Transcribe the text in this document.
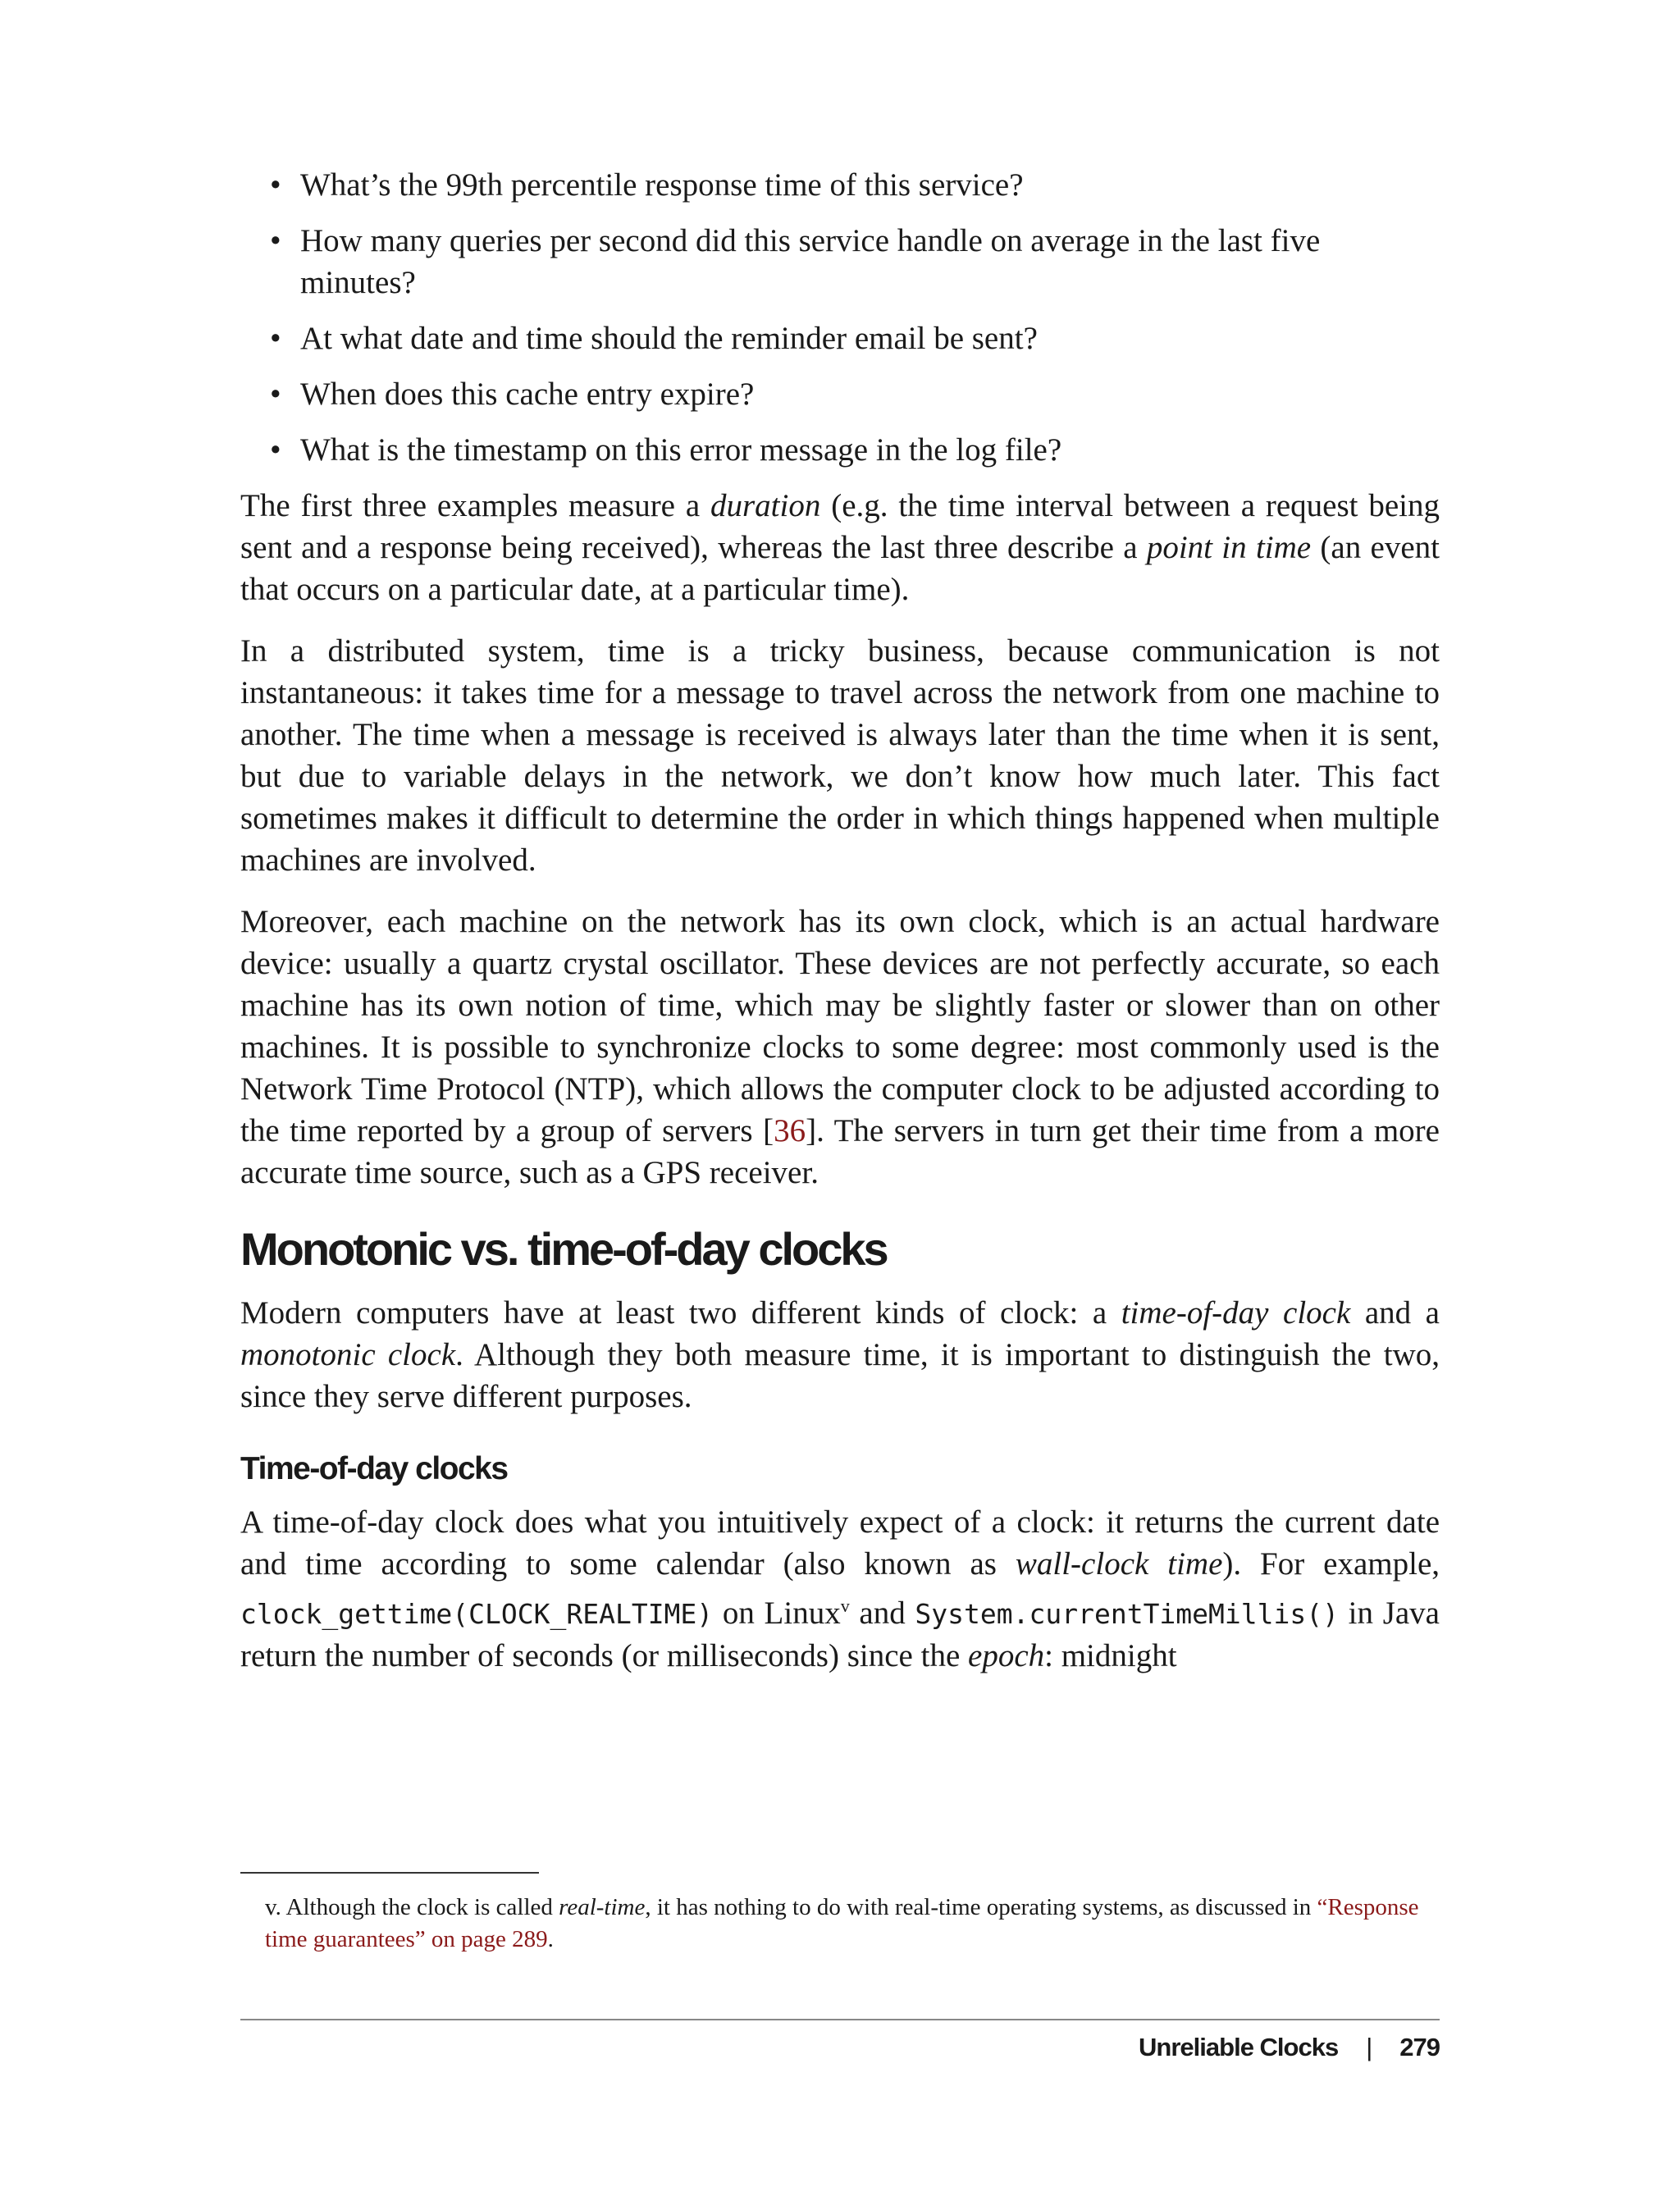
• What’s the 99th percentile response time of this service?
• How many queries per second did this service handle on average in the last five minutes?
• At what date and time should the reminder email be sent?
• When does this cache entry expire?
• What is the timestamp on this error message in the log file?

The first three examples measure a duration (e.g. the time interval between a request being sent and a response being received), whereas the last three describe a point in time (an event that occurs on a particular date, at a particular time).

In a distributed system, time is a tricky business, because communication is not instantaneous: it takes time for a message to travel across the network from one machine to another. The time when a message is received is always later than the time when it is sent, but due to variable delays in the network, we don’t know how much later. This fact sometimes makes it difficult to determine the order in which things happened when multiple machines are involved.

Moreover, each machine on the network has its own clock, which is an actual hardware device: usually a quartz crystal oscillator. These devices are not perfectly accurate, so each machine has its own notion of time, which may be slightly faster or slower than on other machines. It is possible to synchronize clocks to some degree: most commonly used is the Network Time Protocol (NTP), which allows the computer clock to be adjusted according to the time reported by a group of servers [36]. The servers in turn get their time from a more accurate time source, such as a GPS receiver.

Monotonic vs. time-of-day clocks

Modern computers have at least two different kinds of clock: a time-of-day clock and a monotonic clock. Although they both measure time, it is important to distinguish the two, since they serve different purposes.

Time-of-day clocks

A time-of-day clock does what you intuitively expect of a clock: it returns the current date and time according to some calendar (also known as wall-clock time). For example, clock_gettime(CLOCK_REALTIME) on Linux$^v$ and System.currentTimeMillis() in Java return the number of seconds (or milliseconds) since the epoch: midnight

v. Although the clock is called real-time, it has nothing to do with real-time operating systems, as discussed in “Response time guarantees” on page 289.
Unreliable Clocks | 279
